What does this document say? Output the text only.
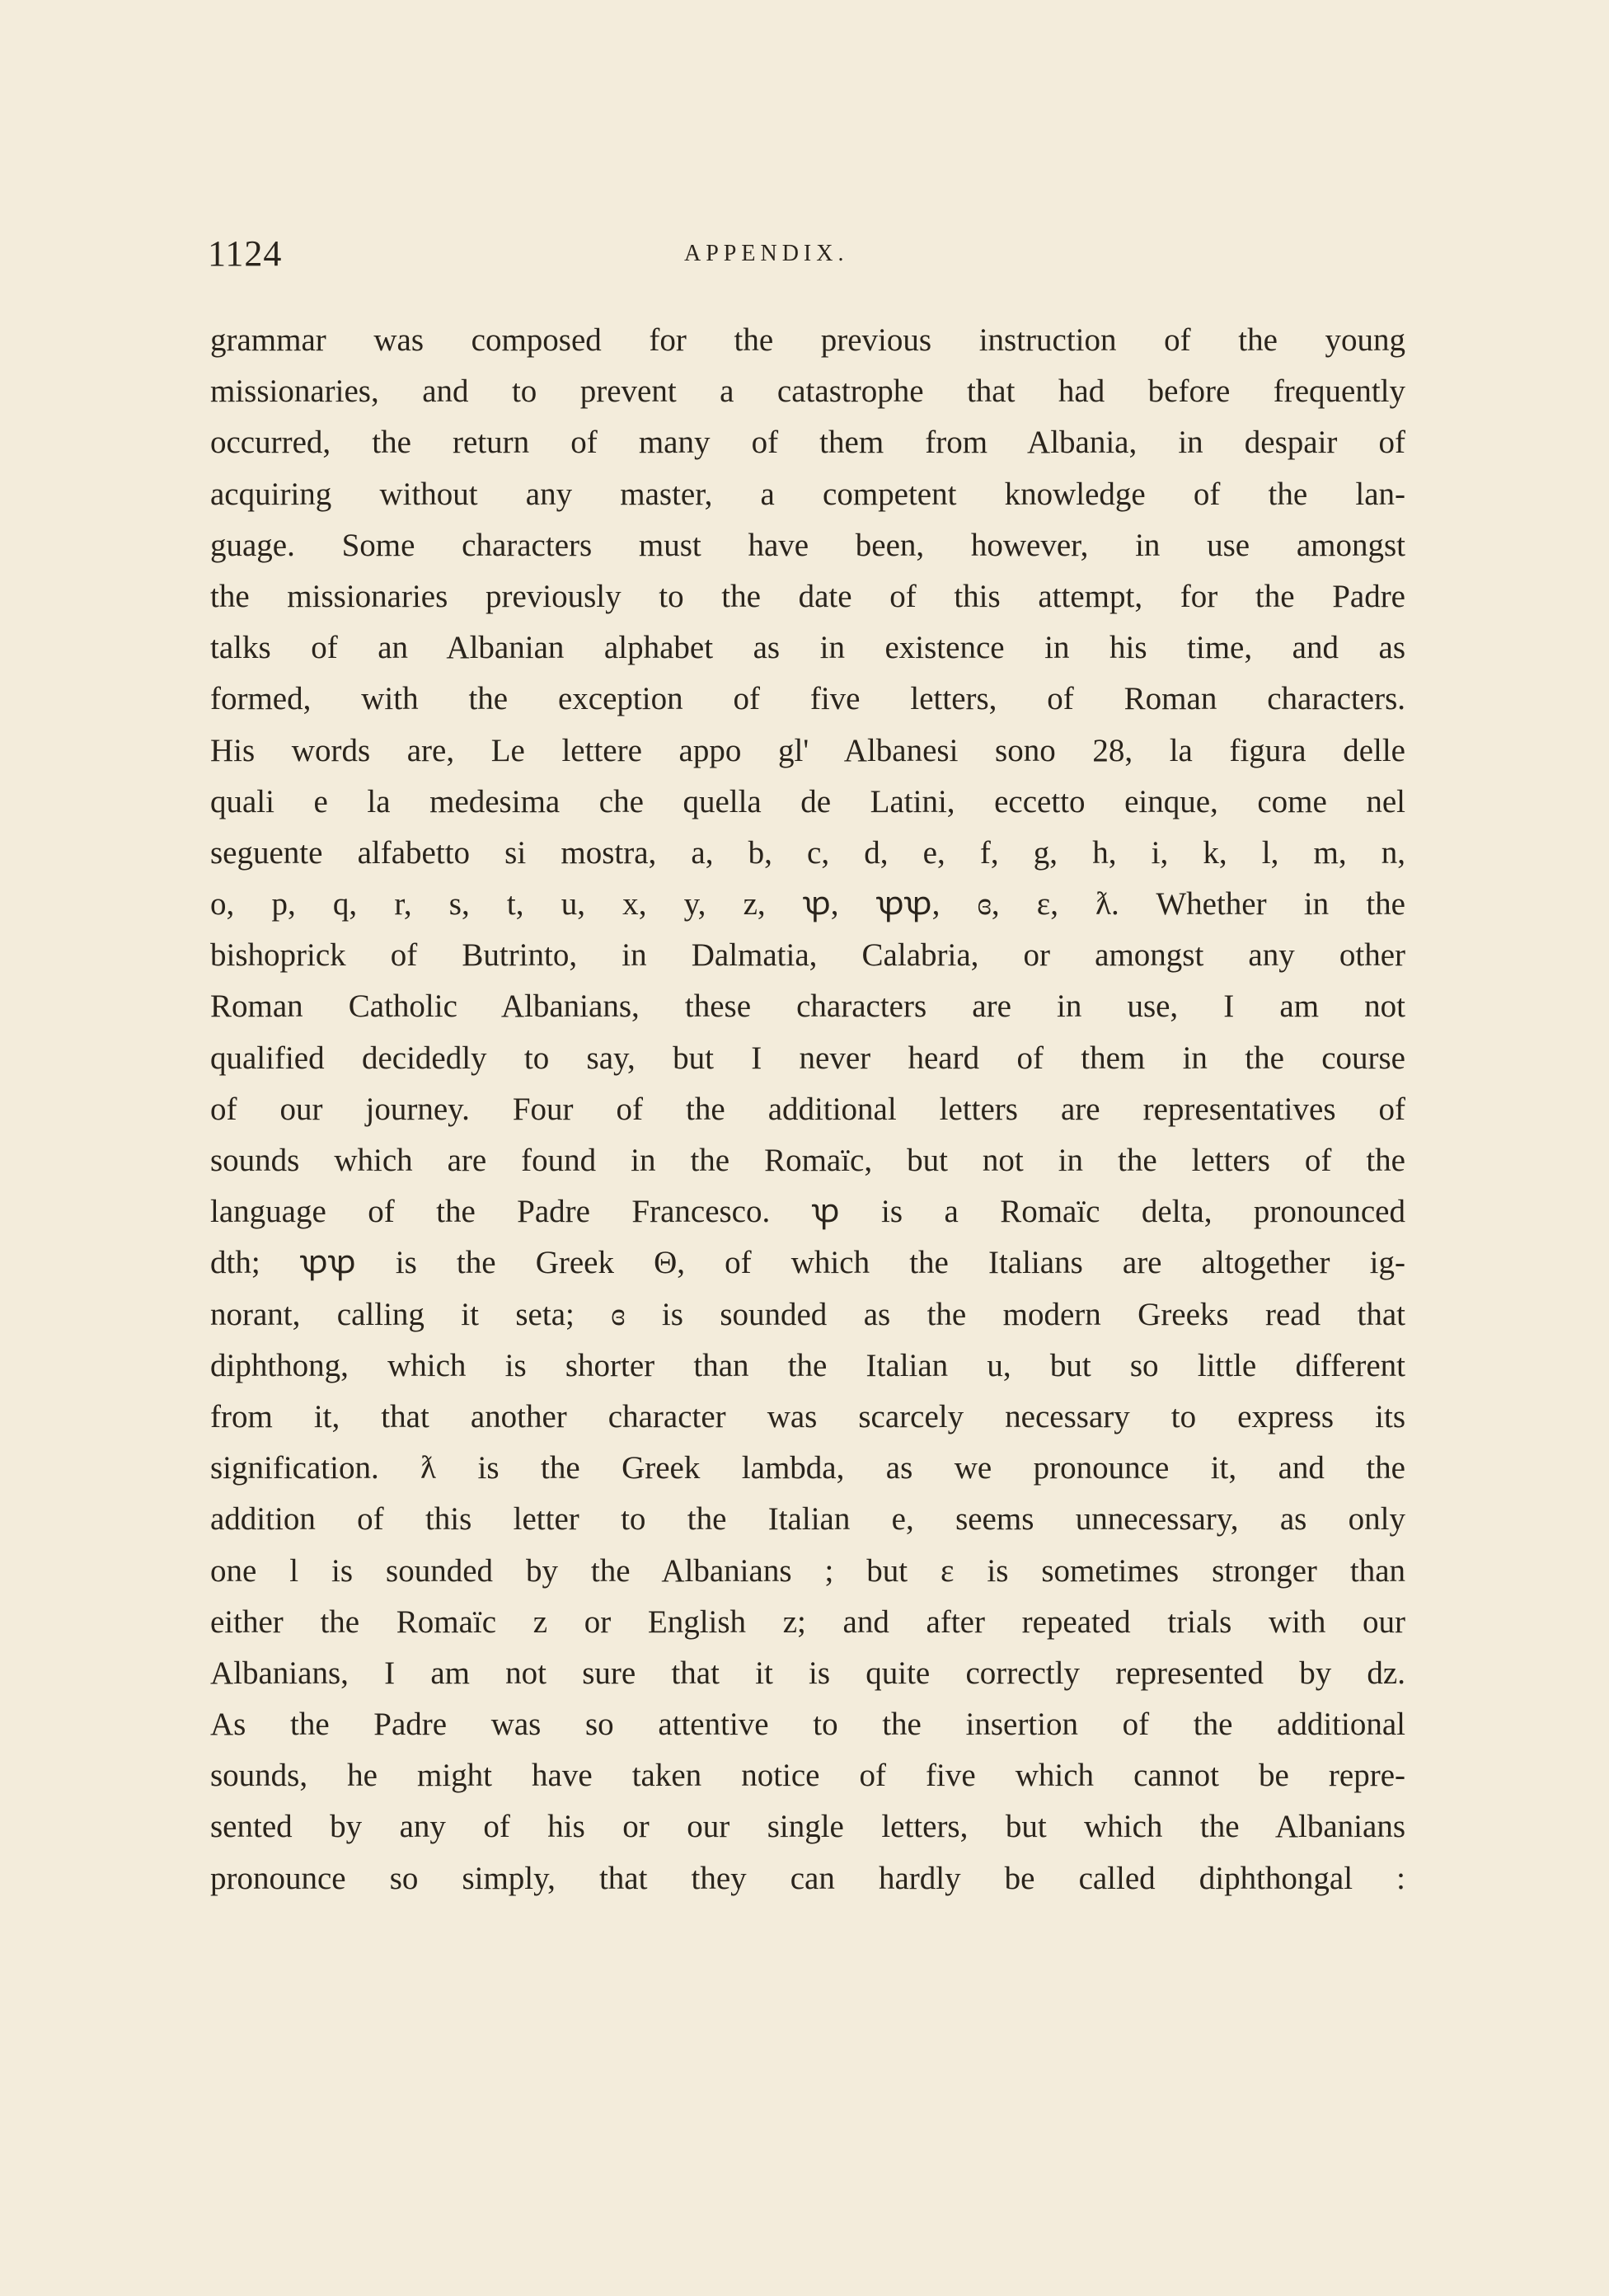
1124	APPENDIX.
grammar was composed for the previous instruction of the young
missionaries, and to prevent a catastrophe that had before frequently
occurred, the return of many of them from Albania, in despair of
acquiring without any master, a competent knowledge of the lan-
guage. Some characters must have been, however, in use amongst
the missionaries previously to the date of this attempt, for the Padre
talks of an Albanian alphabet as in existence in his time, and as
formed, with the exception of five letters, of Roman characters.
His words are, Le lettere appo gl' Albanesi sono 28, la figura delle
quali e la medesima che quella de Latini, eccetto einque, come nel
seguente alfabetto si mostra, a, b, c, d, e, f, g, h, i, k, l, m, n,
o, p, q, r, s, t, u, x, y, z, ꝕ, ꝕꝕ, ɞ, ɛ, ƛ. Whether in the
bishoprick of Butrinto, in Dalmatia, Calabria, or amongst any other
Roman Catholic Albanians, these characters are in use, I am not
qualified decidedly to say, but I never heard of them in the course
of our journey. Four of the additional letters are representatives of
sounds which are found in the Romaïc, but not in the letters of the
language of the Padre Francesco. ꝕ is a Romaïc delta, pronounced
dth; ꝕꝕ is the Greek Θ, of which the Italians are altogether ig-
norant, calling it seta; ɞ is sounded as the modern Greeks read that
diphthong, which is shorter than the Italian u, but so little different
from it, that another character was scarcely necessary to express its
signification. ƛ is the Greek lambda, as we pronounce it, and the
addition of this letter to the Italian e, seems unnecessary, as only
one l is sounded by the Albanians ; but ɛ is sometimes stronger than
either the Romaïc z or English z; and after repeated trials with our
Albanians, I am not sure that it is quite correctly represented by dz.
As the Padre was so attentive to the insertion of the additional
sounds, he might have taken notice of five which cannot be repre-
sented by any of his or our single letters, but which the Albanians
pronounce so simply, that they can hardly be called diphthongal :
